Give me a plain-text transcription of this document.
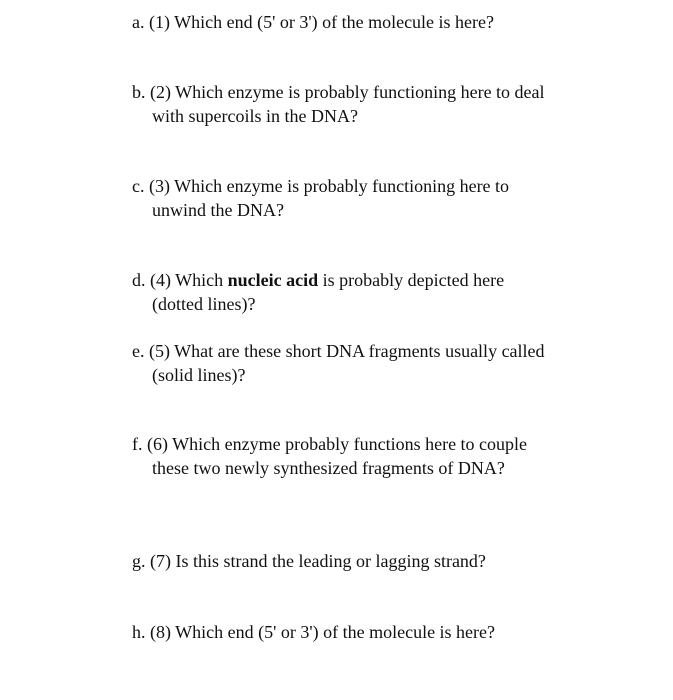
a. (1) Which end (5' or 3') of the molecule is here?
b. (2) Which enzyme is probably functioning here to deal
with supercoils in the DNA?
c. (3) Which enzyme is probably functioning here to
unwind the DNA?
d. (4) Which nucleic acid is probably depicted here
(dotted lines)?
e. (5) What are these short DNA fragments usually called
(solid lines)?
f. (6) Which enzyme probably functions here to couple
these two newly synthesized fragments of DNA?
g. (7) Is this strand the leading or lagging strand?
h. (8) Which end (5' or 3') of the molecule is here?
